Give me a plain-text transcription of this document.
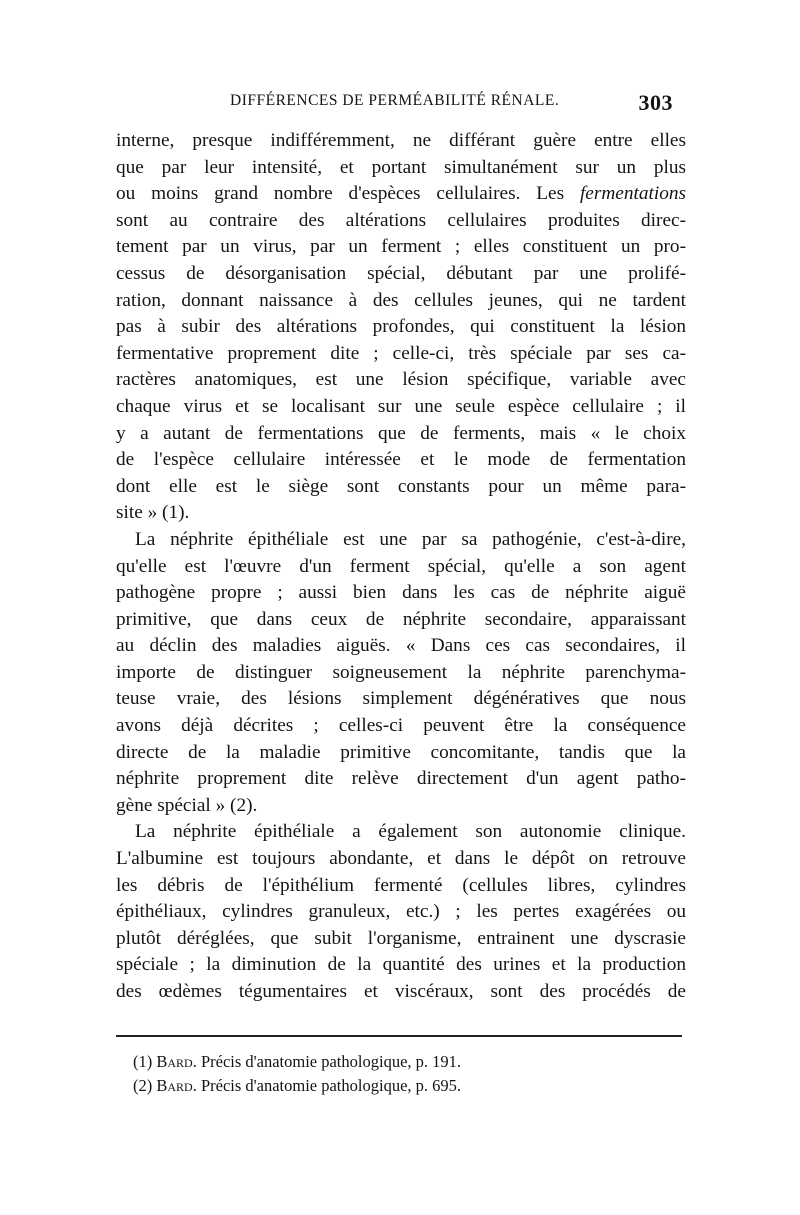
DIFFÉRENCES DE PERMÉABILITÉ RÉNALE.	303
interne, presque indifféremment, ne différant guère entre elles
que par leur intensité, et portant simultanément sur un plus
ou moins grand nombre d'espèces cellulaires. Les fermentations
sont au contraire des altérations cellulaires produites direc-
tement par un virus, par un ferment ; elles constituent un pro-
cessus de désorganisation spécial, débutant par une prolifé-
ration, donnant naissance à des cellules jeunes, qui ne tardent
pas à subir des altérations profondes, qui constituent la lésion
fermentative proprement dite ; celle-ci, très spéciale par ses ca-
ractères anatomiques, est une lésion spécifique, variable avec
chaque virus et se localisant sur une seule espèce cellulaire ; il
y a autant de fermentations que de ferments, mais « le choix
de l'espèce cellulaire intéressée et le mode de fermentation
dont elle est le siège sont constants pour un même para-
site » (1).
La néphrite épithéliale est une par sa pathogénie, c'est-à-dire,
qu'elle est l'œuvre d'un ferment spécial, qu'elle a son agent
pathogène propre ; aussi bien dans les cas de néphrite aiguë
primitive, que dans ceux de néphrite secondaire, apparaissant
au déclin des maladies aiguës. « Dans ces cas secondaires, il
importe de distinguer soigneusement la néphrite parenchyma-
teuse vraie, des lésions simplement dégénératives que nous
avons déjà décrites ; celles-ci peuvent être la conséquence
directe de la maladie primitive concomitante, tandis que la
néphrite proprement dite relève directement d'un agent patho-
gène spécial » (2).
La néphrite épithéliale a également son autonomie clinique.
L'albumine est toujours abondante, et dans le dépôt on retrouve
les débris de l'épithélium fermenté (cellules libres, cylindres
épithéliaux, cylindres granuleux, etc.) ; les pertes exagérées ou
plutôt déréglées, que subit l'organisme, entrainent une dyscrasie
spéciale ; la diminution de la quantité des urines et la production
des œdèmes tégumentaires et viscéraux, sont des procédés de
(1) Bard. Précis d'anatomie pathologique, p. 191.
(2) Bard. Précis d'anatomie pathologique, p. 695.
